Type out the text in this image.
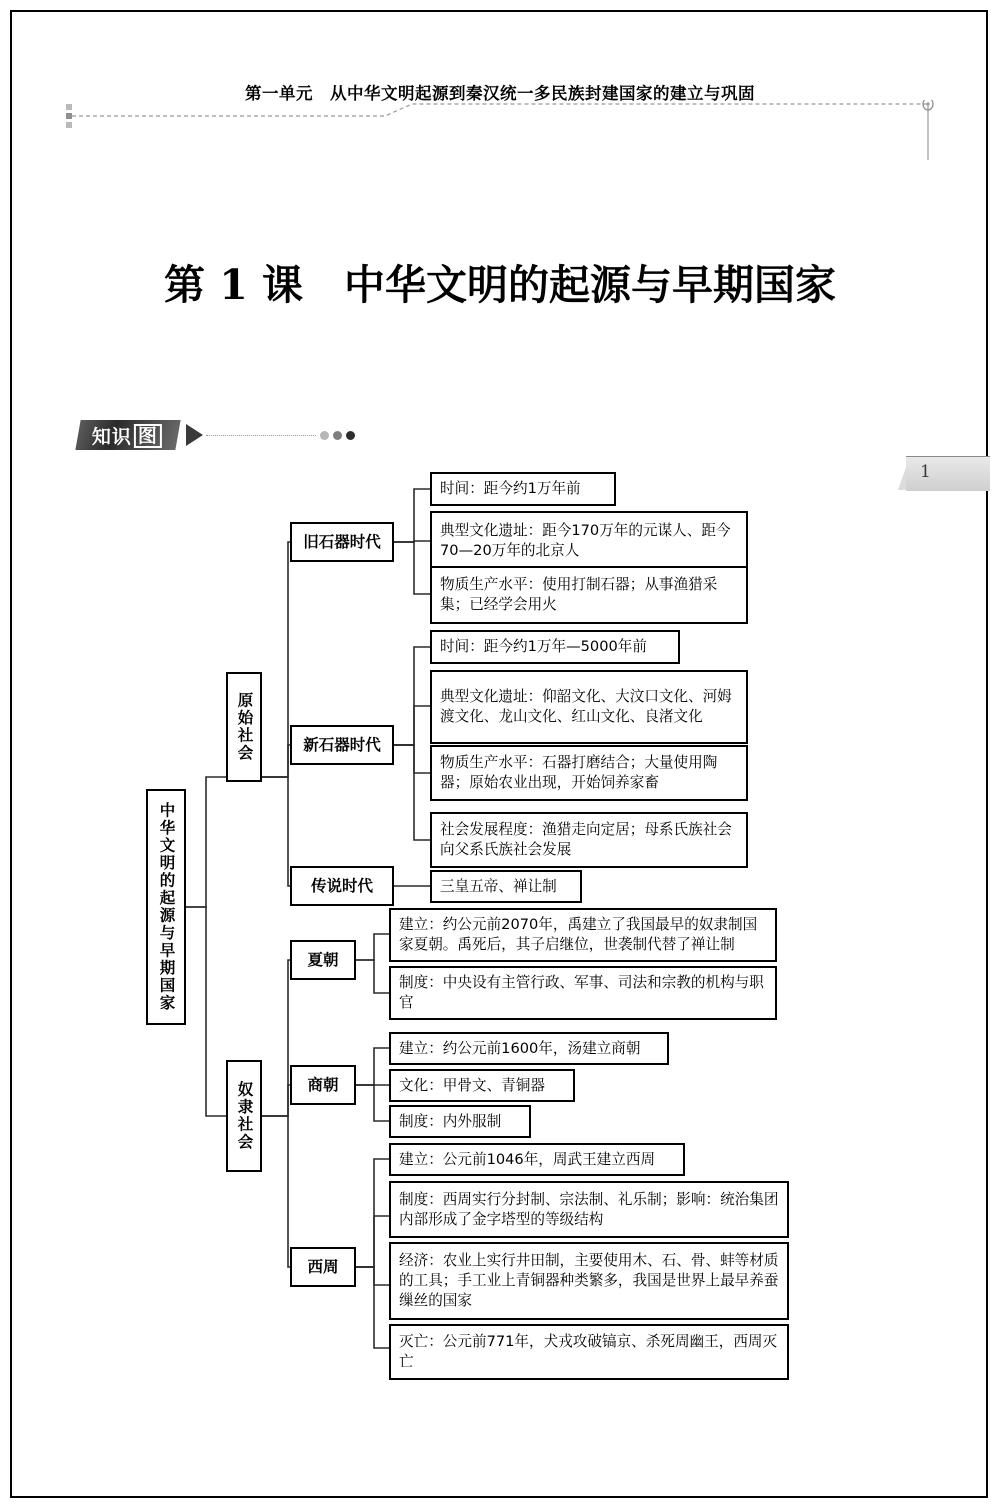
第一单元　从中华文明起源到秦汉统一多民族封建国家的建立与巩固
第 1 课　中华文明的起源与早期国家
知识 图
1
中华文明的起源与早期国家
原始社会
奴隶社会
旧石器时代
新石器时代
传说时代
夏朝
商朝
西周
时间：距今约1万年前
典型文化遗址：距今170万年的元谋人、距今70—20万年的北京人
物质生产水平：使用打制石器；从事渔猎采集；已经学会用火
时间：距今约1万年—5000年前
典型文化遗址：仰韶文化、大汶口文化、河姆渡文化、龙山文化、红山文化、良渚文化
物质生产水平：石器打磨结合；大量使用陶器；原始农业出现，开始饲养家畜
社会发展程度：渔猎走向定居；母系氏族社会向父系氏族社会发展
三皇五帝、禅让制
建立：约公元前2070年，禹建立了我国最早的奴隶制国家夏朝。禹死后，其子启继位，世袭制代替了禅让制
制度：中央设有主管行政、军事、司法和宗教的机构与职官
建立：约公元前1600年，汤建立商朝
文化：甲骨文、青铜器
制度：内外服制
建立：公元前1046年，周武王建立西周
制度：西周实行分封制、宗法制、礼乐制；影响：统治集团内部形成了金字塔型的等级结构
经济：农业上实行井田制，主要使用木、石、骨、蚌等材质的工具；手工业上青铜器种类繁多，我国是世界上最早养蚕缫丝的国家
灭亡：公元前771年，犬戎攻破镐京、杀死周幽王，西周灭亡
